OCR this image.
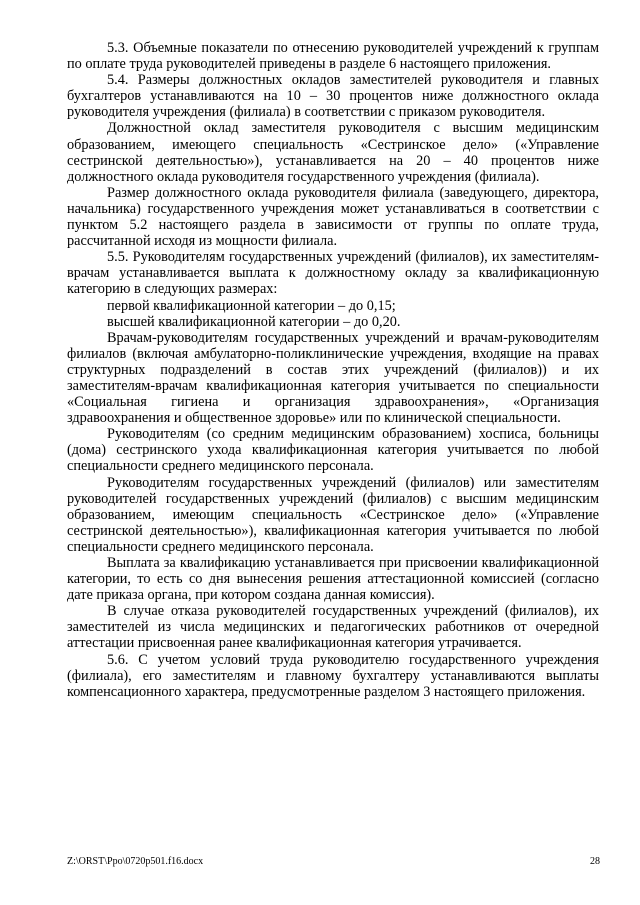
5.3. Объемные показатели по отнесению руководителей учреждений к группам по оплате труда руководителей приведены в разделе 6 настоящего приложения.

5.4. Размеры должностных окладов заместителей руководителя и главных бухгалтеров устанавливаются на 10 – 30 процентов ниже должностного оклада руководителя учреждения (филиала) в соответствии с приказом руководителя.

Должностной оклад заместителя руководителя с высшим медицинским образованием, имеющего специальность «Сестринское дело» («Управление сестринской деятельностью»), устанавливается на 20 – 40 процентов ниже должностного оклада руководителя государственного учреждения (филиала).

Размер должностного оклада руководителя филиала (заведующего, директора, начальника) государственного учреждения может устанавливаться в соответствии с пунктом 5.2 настоящего раздела в зависимости от группы по оплате труда, рассчитанной исходя из мощности филиала.

5.5. Руководителям государственных учреждений (филиалов), их заместителям-врачам устанавливается выплата к должностному окладу за квалификационную категорию в следующих размерах:

первой квалификационной категории – до 0,15;

высшей квалификационной категории – до 0,20.

Врачам-руководителям государственных учреждений и врачам-руководителям филиалов (включая амбулаторно-поликлинические учреждения, входящие на правах структурных подразделений в состав этих учреждений (филиалов)) и их заместителям-врачам квалификационная категория учитывается по специальности «Социальная гигиена и организация здравоохранения», «Организация здравоохранения и общественное здоровье» или по клинической специальности.

Руководителям (со средним медицинским образованием) хосписа, больницы (дома) сестринского ухода квалификационная категория учитывается по любой специальности среднего медицинского персонала.

Руководителям государственных учреждений (филиалов) или заместителям руководителей государственных учреждений (филиалов) с высшим медицинским образованием, имеющим специальность «Сестринское дело» («Управление сестринской деятельностью»), квалификационная категория учитывается по любой специальности среднего медицинского персонала.

Выплата за квалификацию устанавливается при присвоении квалификационной категории, то есть со дня вынесения решения аттестационной комиссией (согласно дате приказа органа, при котором создана данная комиссия).

В случае отказа руководителей государственных учреждений (филиалов), их заместителей из числа медицинских и педагогических работников от очередной аттестации присвоенная ранее квалификационная категория утрачивается.

5.6. С учетом условий труда руководителю государственного учреждения (филиала), его заместителям и главному бухгалтеру устанавливаются выплаты компенсационного характера, предусмотренные разделом 3 настоящего приложения.

Z:\ORST\Ppo\0720p501.f16.docx	28
